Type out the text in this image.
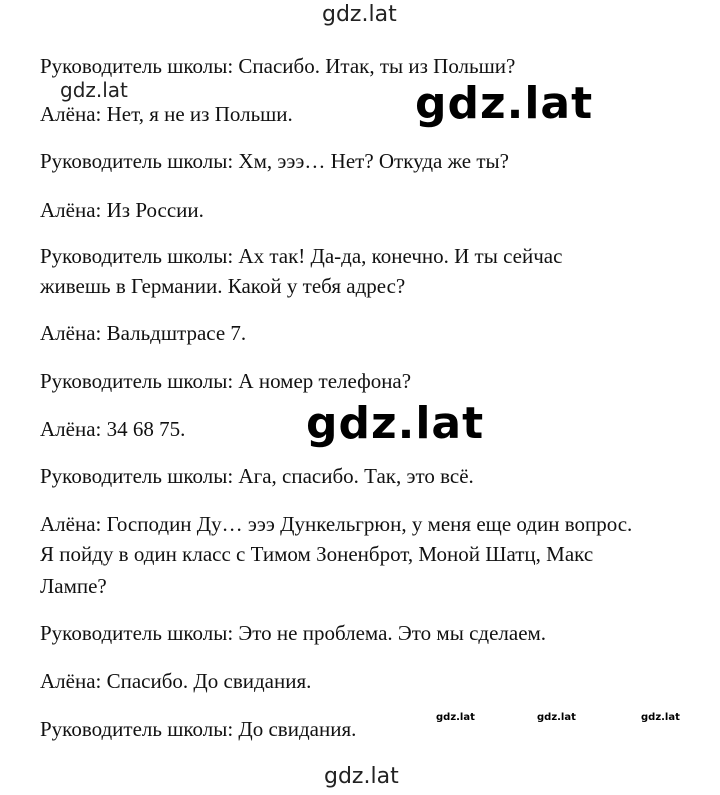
gdz.lat
Руководитель школы: Спасибо. Итак, ты из Польши?
gdz.lat	gdz.lat
Алёна: Нет, я не из Польши.
Руководитель школы: Хм, эээ… Нет? Откуда же ты?
Алёна: Из России.
Руководитель школы: Ах так! Да-да, конечно. И ты сейчас
живешь в Германии. Какой у тебя адрес?
Алёна: Вальдштрасе 7.
Руководитель школы: А номер телефона?
gdz.lat
Алёна: 34 68 75.
Руководитель школы: Ага, спасибо. Так, это всё.
Алёна: Господин Ду… эээ Дункельгрюн, у меня еще один вопрос.
Я пойду в один класс с Тимом Зоненброт, Моной Шатц, Макс
Лампе?
Руководитель школы: Это не проблема. Это мы сделаем.
Алёна: Спасибо. До свидания.
Руководитель школы: До свидания.	gdz.lat	gdz.lat	gdz.lat
gdz.lat
